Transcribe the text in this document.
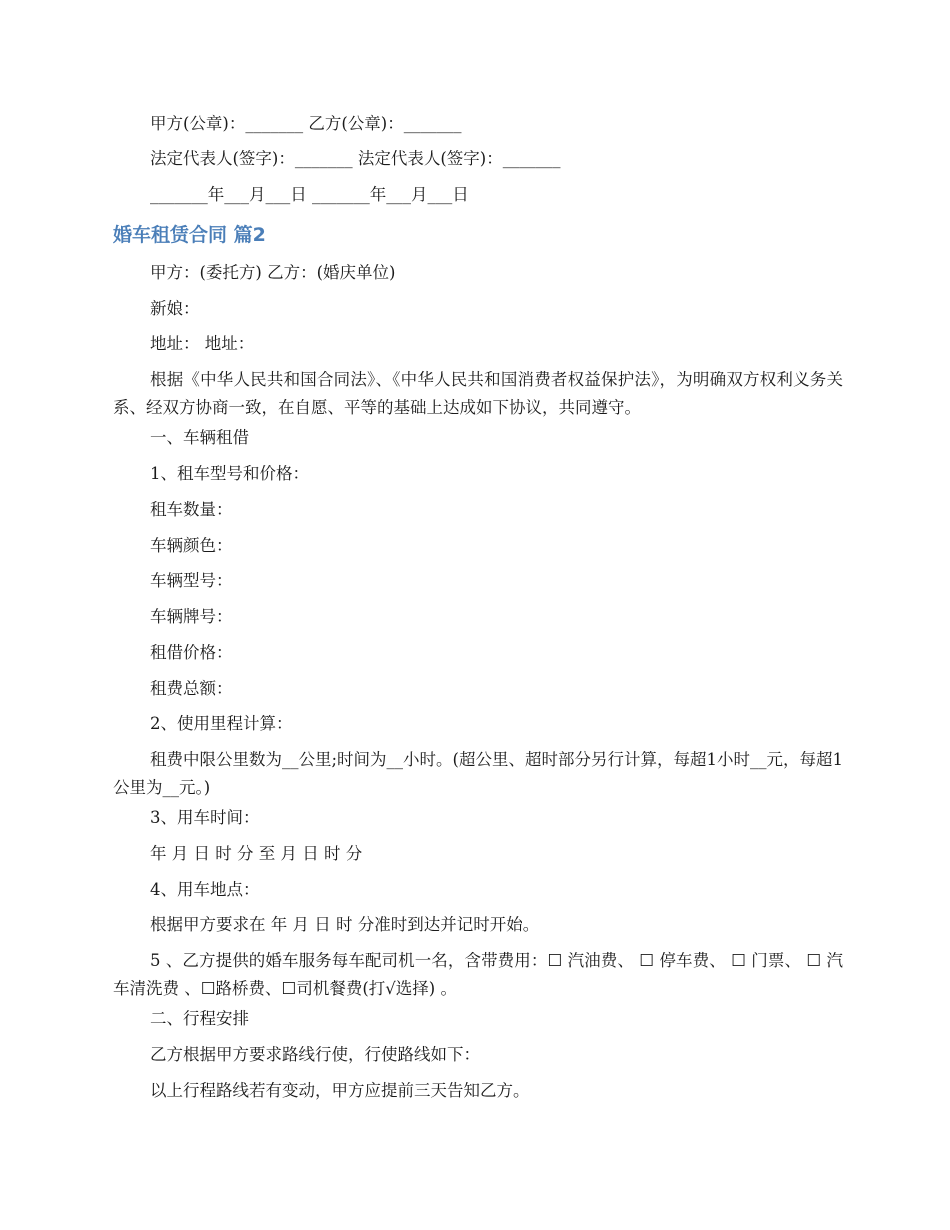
甲方(公章)：_______ 乙方(公章)：_______
法定代表人(签字)：_______ 法定代表人(签字)：_______
_______年___月___日 _______年___月___日
婚车租赁合同 篇2
甲方：(委托方) 乙方：(婚庆单位)
新娘：
地址： 地址：
根据《中华人民共和国合同法》、《中华人民共和国消费者权益保护法》，为明确双方权利义务关系、经双方协商一致，在自愿、平等的基础上达成如下协议，共同遵守。
一、车辆租借
1、租车型号和价格：
租车数量：
车辆颜色：
车辆型号：
车辆牌号：
租借价格：
租费总额：
2、使用里程计算：
租费中限公里数为__公里;时间为__小时。(超公里、超时部分另行计算，每超1小时__元，每超1公里为__元。)
3、用车时间：
年 月 日 时 分 至 月 日 时 分
4、用车地点：
根据甲方要求在 年 月 日 时 分准时到达并记时开始。
5 、乙方提供的婚车服务每车配司机一名，含带费用：☐ 汽油费、 ☐ 停车费、 ☐ 门票、 ☐ 汽车清洗费 、☐路桥费、☐司机餐费(打√选择) 。
二、行程安排
乙方根据甲方要求路线行使，行使路线如下：
以上行程路线若有变动，甲方应提前三天告知乙方。
